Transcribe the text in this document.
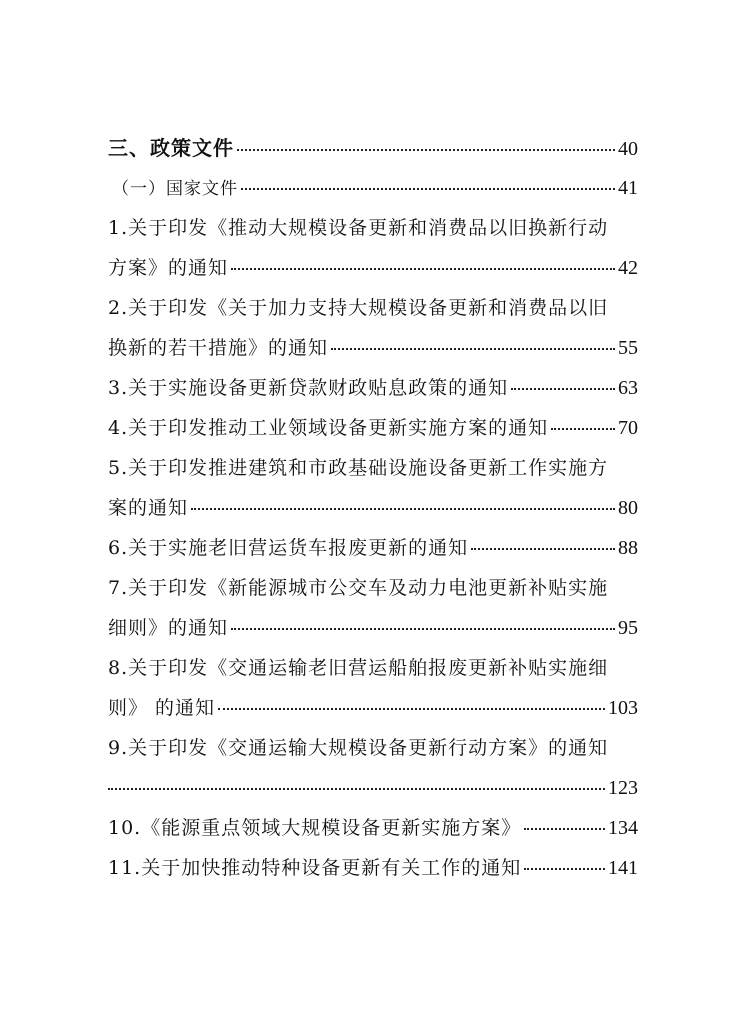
三、政策文件	40
（一）国家文件	41
1.关于印发《推动大规模设备更新和消费品以旧换新行动
方案》的通知	42
2.关于印发《关于加力支持大规模设备更新和消费品以旧
换新的若干措施》的通知	55
3.关于实施设备更新贷款财政贴息政策的通知	63
4.关于印发推动工业领域设备更新实施方案的通知	70
5.关于印发推进建筑和市政基础设施设备更新工作实施方
案的通知	80
6.关于实施老旧营运货车报废更新的通知	88
7.关于印发《新能源城市公交车及动力电池更新补贴实施
细则》的通知	95
8.关于印发《交通运输老旧营运船舶报废更新补贴实施细
则》 的通知	103
9.关于印发《交通运输大规模设备更新行动方案》的通知
123
10.《能源重点领域大规模设备更新实施方案》	134
11.关于加快推动特种设备更新有关工作的通知	141
